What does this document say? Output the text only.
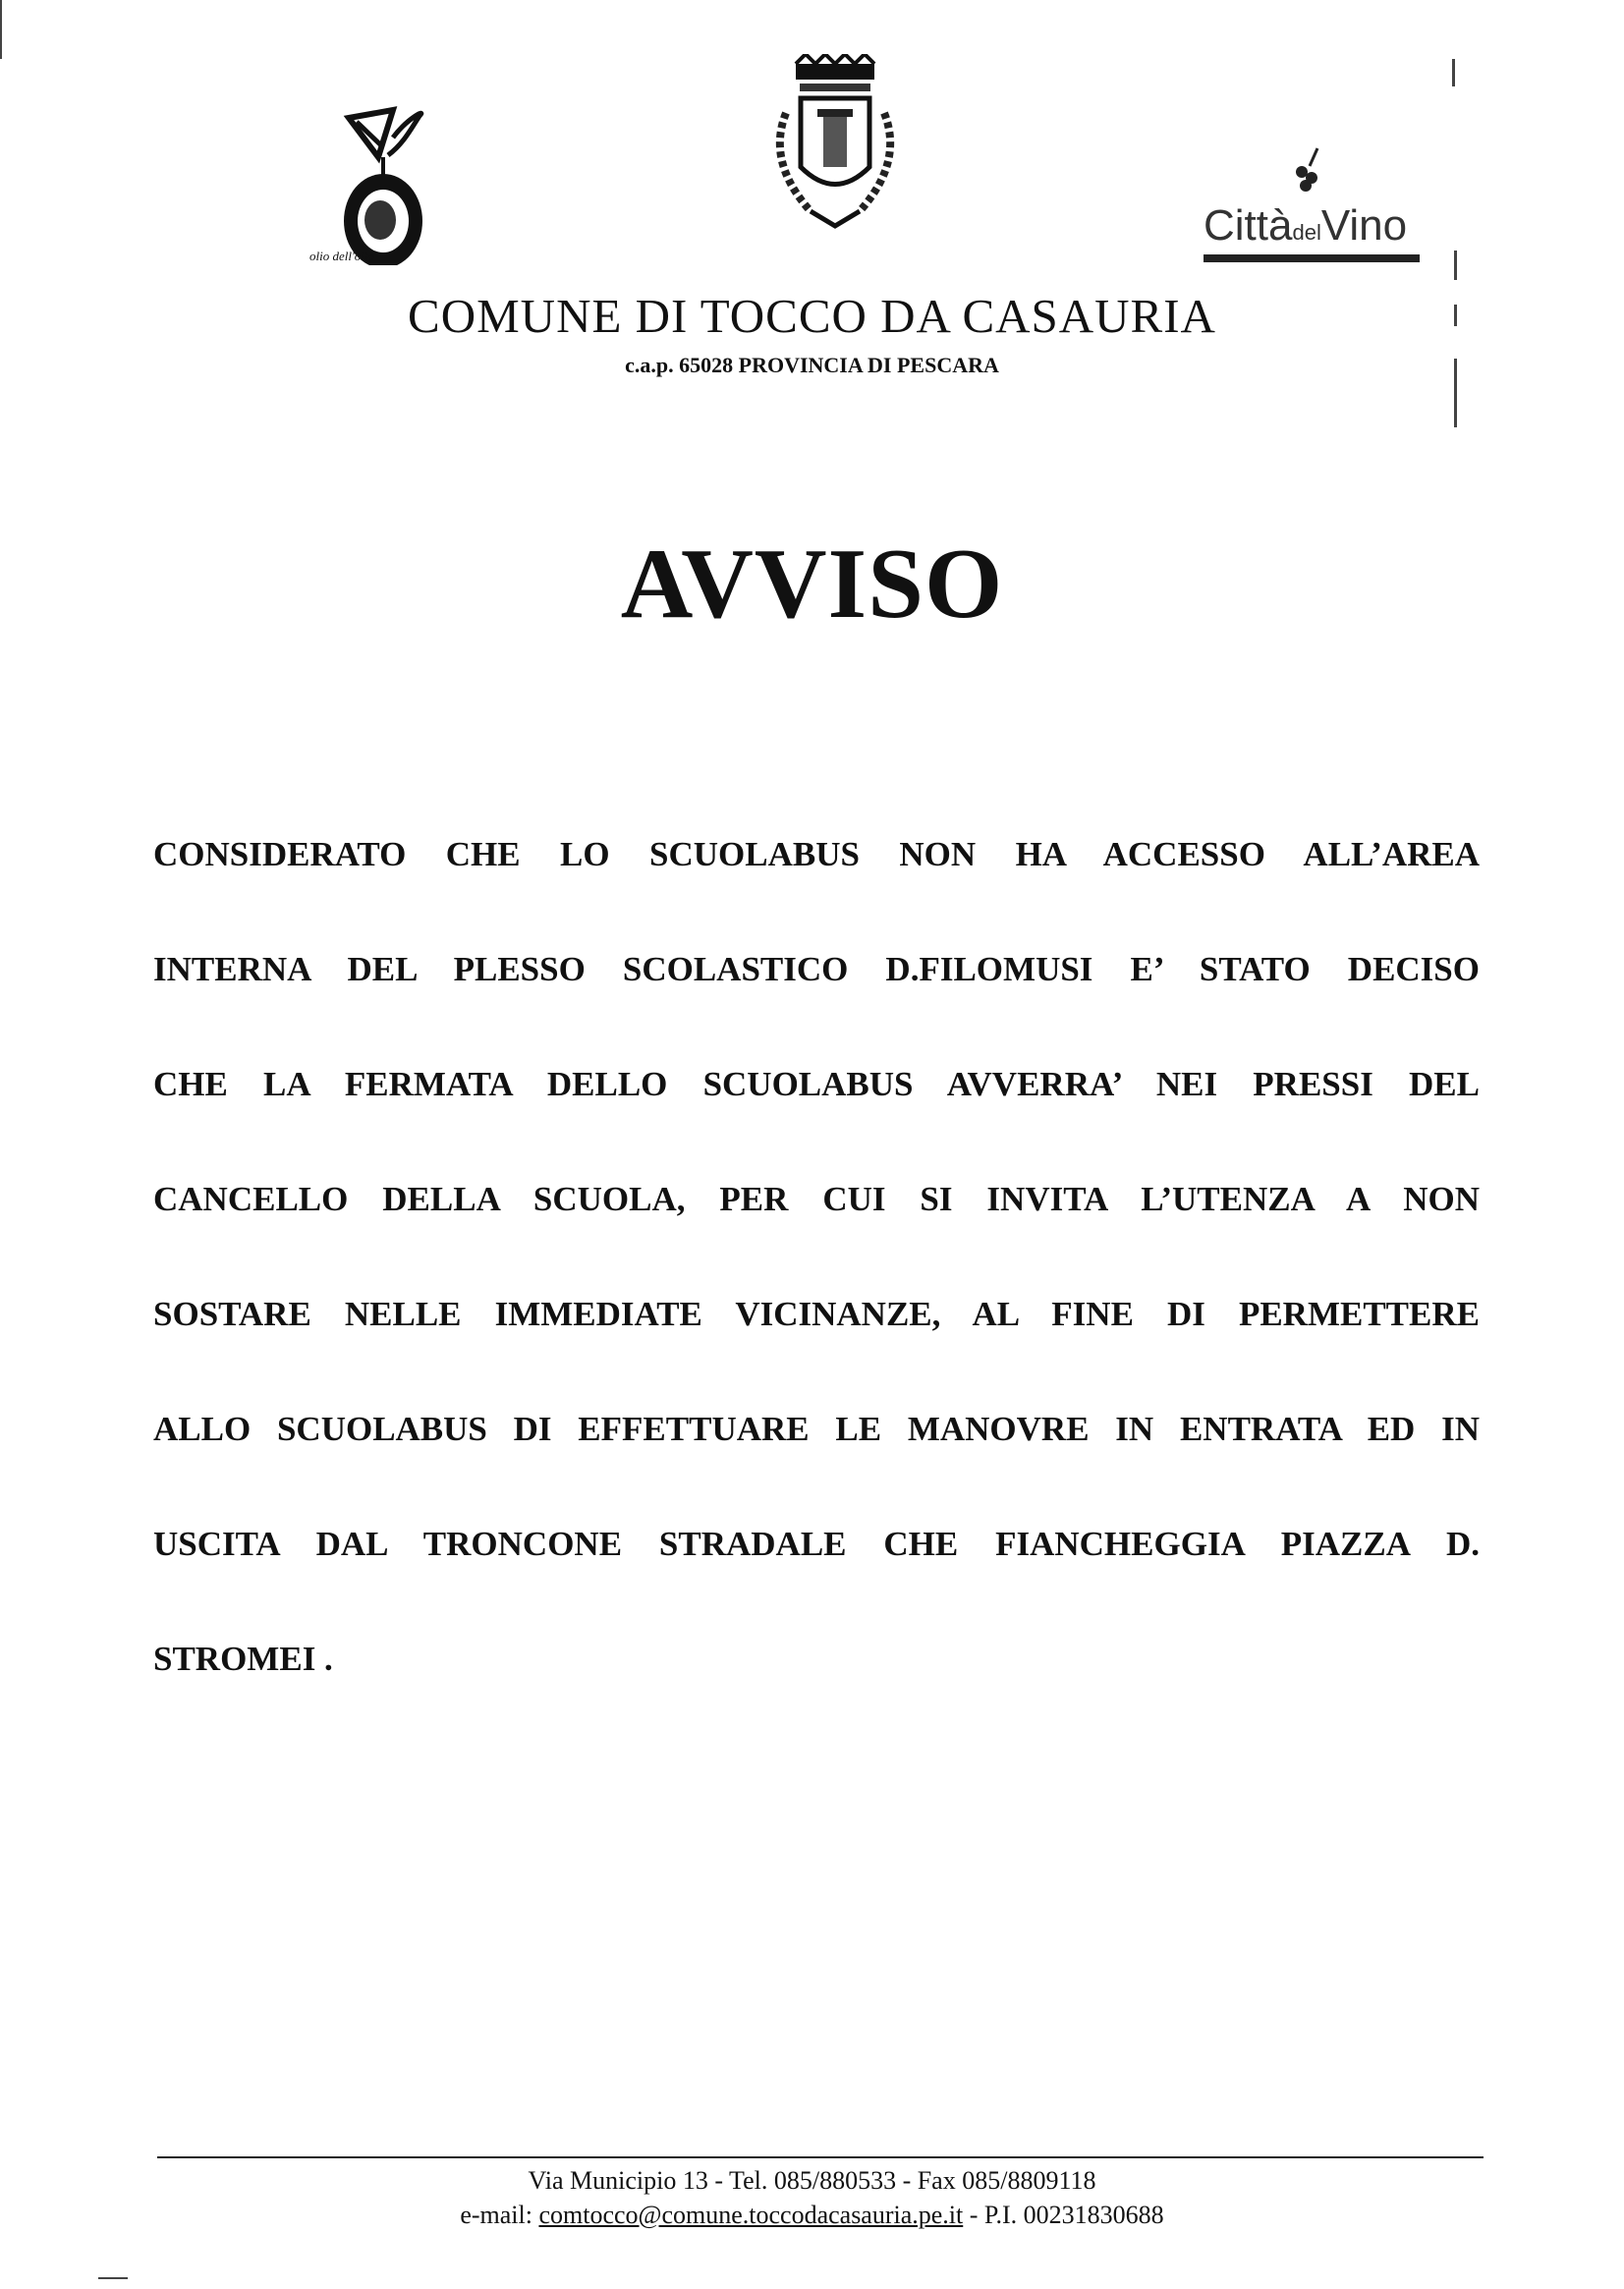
olio dell'olio
CittàdelVino
COMUNE DI TOCCO DA CASAURIA
c.a.p. 65028 PROVINCIA DI PESCARA
AVVISO
CONSIDERATO CHE LO SCUOLABUS NON HA ACCESSO ALL’AREA
INTERNA DEL PLESSO SCOLASTICO D.FILOMUSI E’ STATO DECISO
CHE LA FERMATA DELLO SCUOLABUS AVVERRA’ NEI PRESSI DEL
CANCELLO DELLA SCUOLA, PER CUI SI INVITA L’UTENZA A NON
SOSTARE NELLE IMMEDIATE VICINANZE, AL FINE DI PERMETTERE
ALLO SCUOLABUS DI EFFETTUARE LE MANOVRE IN ENTRATA ED IN
USCITA DAL TRONCONE STRADALE CHE FIANCHEGGIA PIAZZA D.
STROMEI .
Via Municipio 13 - Tel. 085/880533 - Fax 085/8809118
e-mail: comtocco@comune.toccodacasauria.pe.it - P.I. 00231830688
